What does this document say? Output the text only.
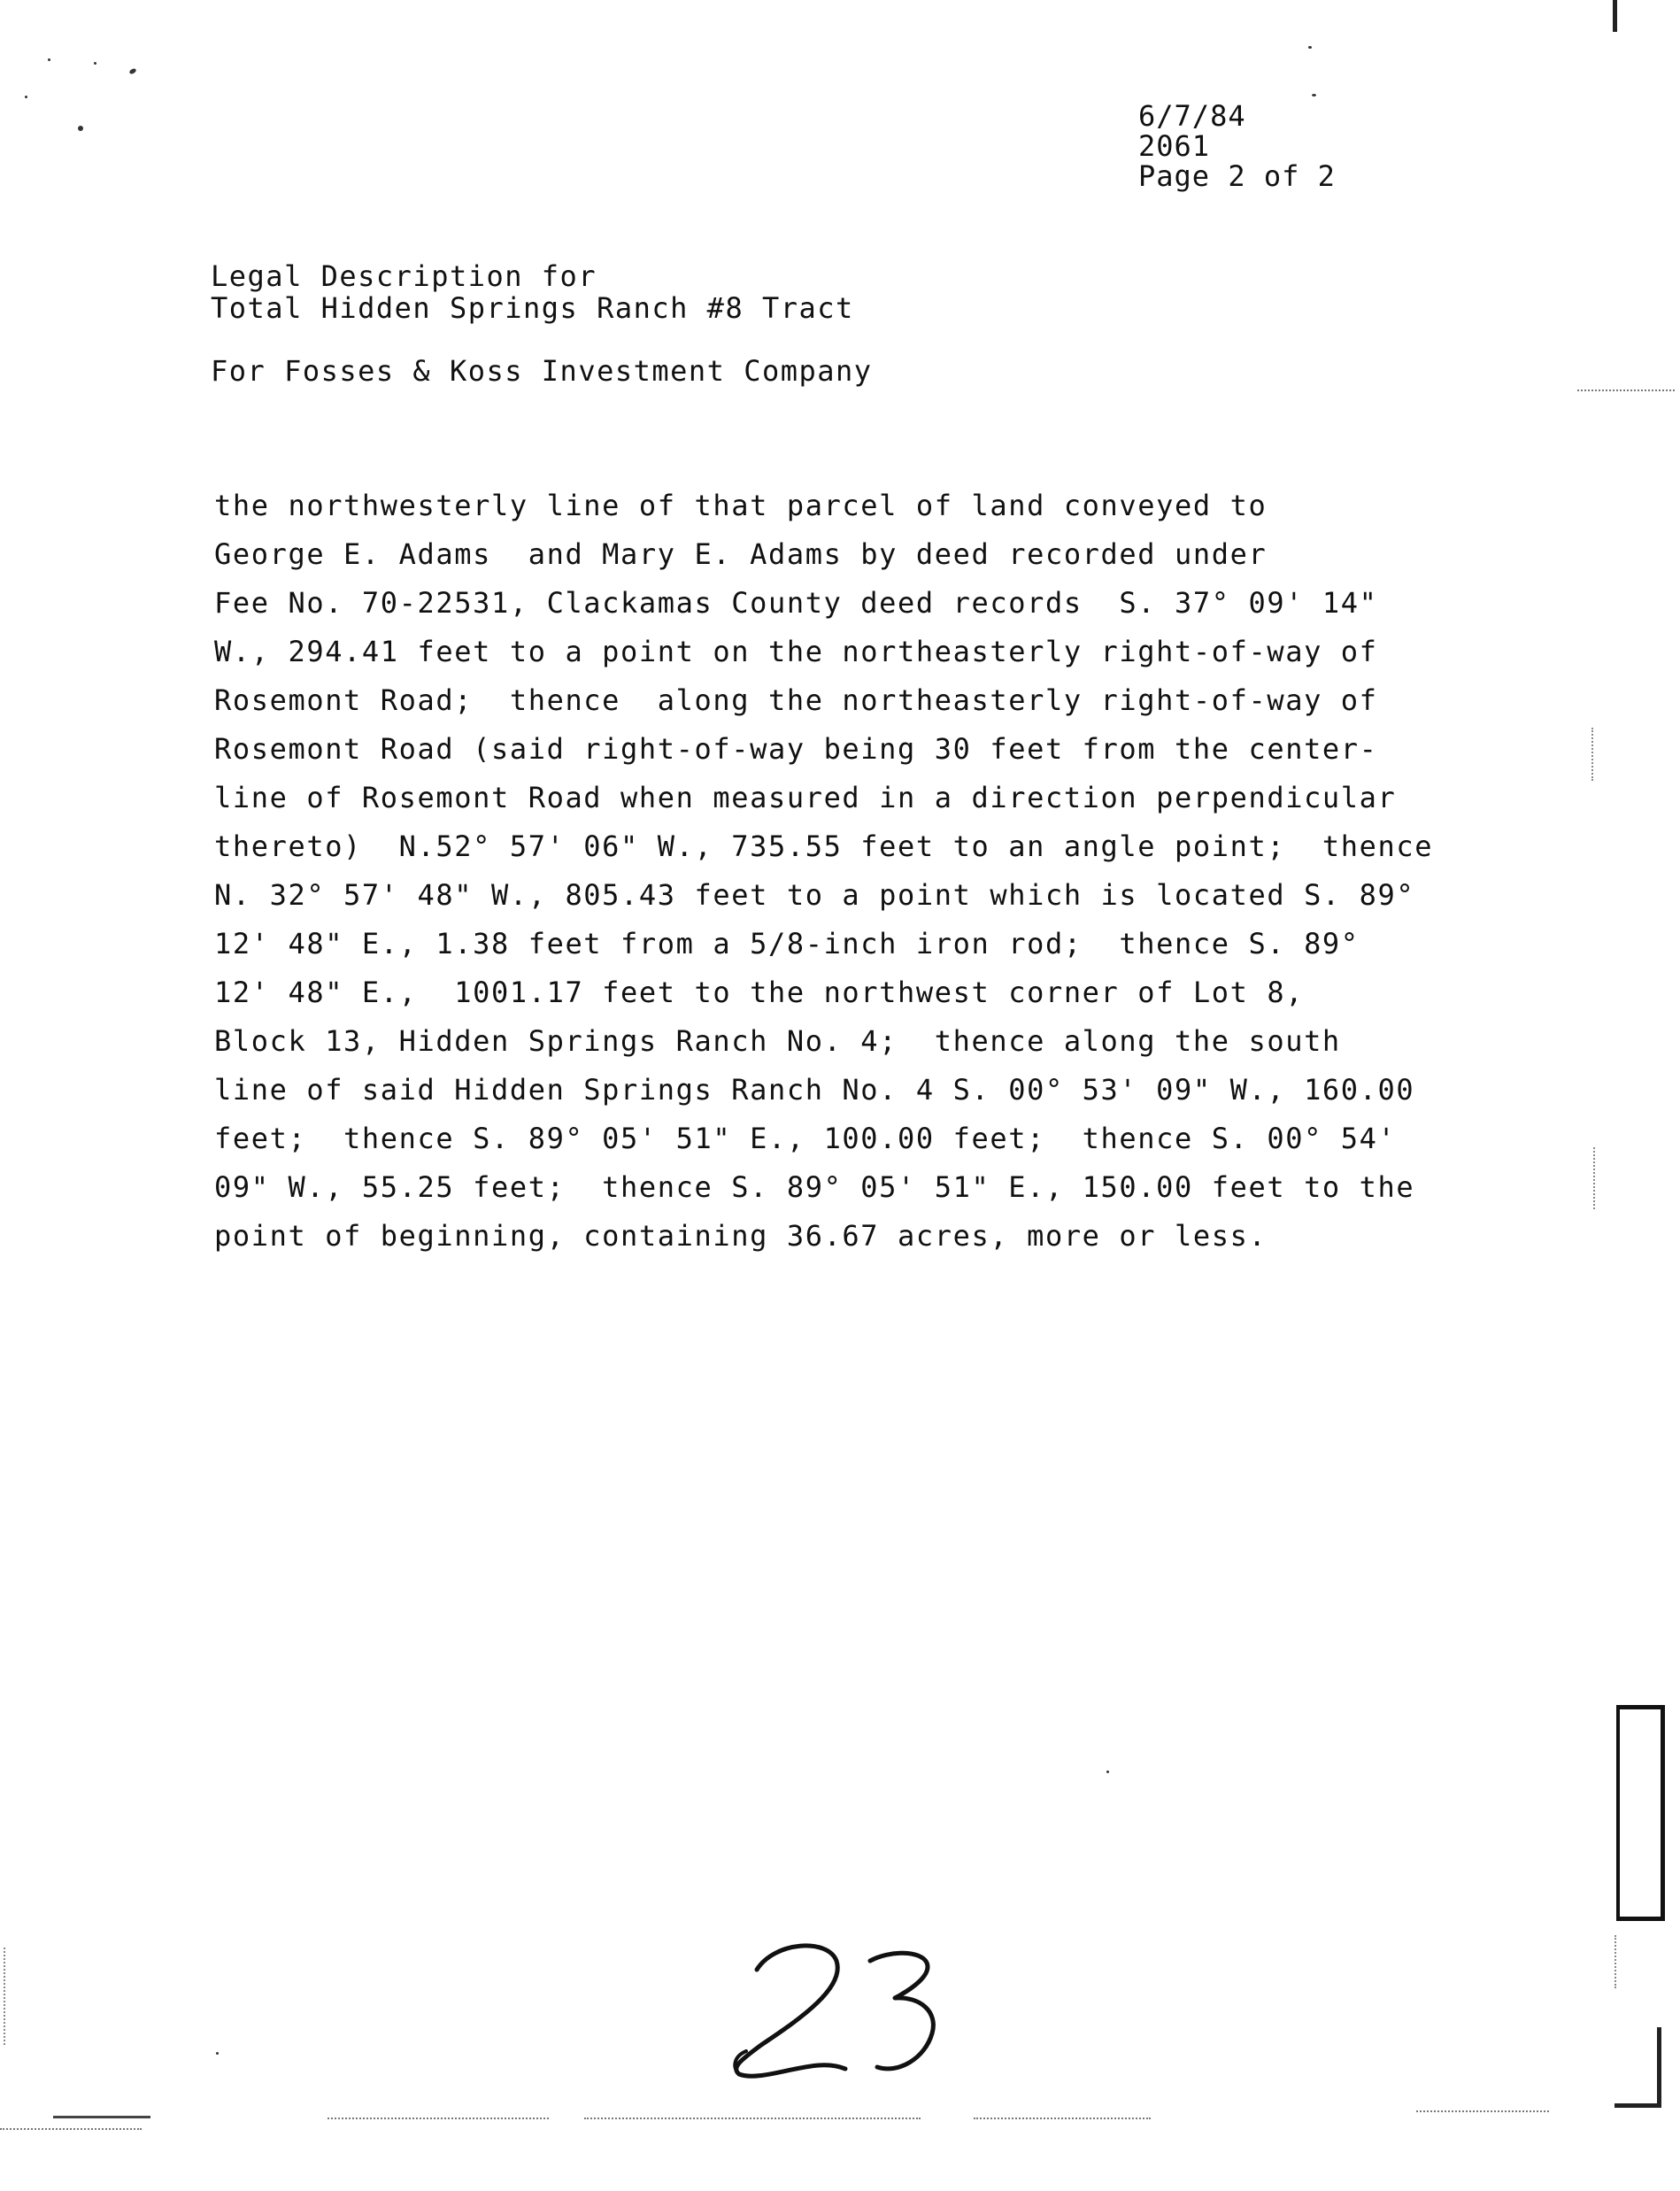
6/7/84
2061
Page 2 of 2
Legal Description for
Total Hidden Springs Ranch #8 Tract
For Fosses & Koss Investment Company
the northwesterly line of that parcel of land conveyed to
George E. Adams  and Mary E. Adams by deed recorded under
Fee No. 70-22531, Clackamas County deed records  S. 37° 09' 14"
W., 294.41 feet to a point on the northeasterly right-of-way of
Rosemont Road;  thence  along the northeasterly right-of-way of
Rosemont Road (said right-of-way being 30 feet from the center-
line of Rosemont Road when measured in a direction perpendicular
thereto)  N.52° 57' 06" W., 735.55 feet to an angle point;  thence
N. 32° 57' 48" W., 805.43 feet to a point which is located S. 89°
12' 48" E., 1.38 feet from a 5/8-inch iron rod;  thence S. 89°
12' 48" E.,  1001.17 feet to the northwest corner of Lot 8,
Block 13, Hidden Springs Ranch No. 4;  thence along the south
line of said Hidden Springs Ranch No. 4 S. 00° 53' 09" W., 160.00
feet;  thence S. 89° 05' 51" E., 100.00 feet;  thence S. 00° 54'
09" W., 55.25 feet;  thence S. 89° 05' 51" E., 150.00 feet to the
point of beginning, containing 36.67 acres, more or less.
